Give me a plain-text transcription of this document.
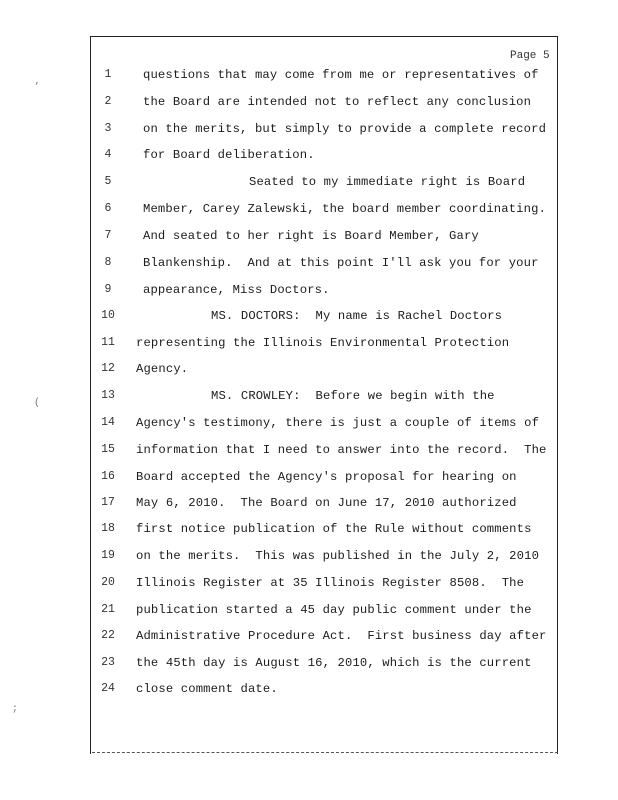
‚
(
;
Page 5
1	questions that may come from me or representatives of
2	the Board are intended not to reflect any conclusion
3	on the merits, but simply to provide a complete record
4	for Board deliberation.
5	Seated to my immediate right is Board
6	Member, Carey Zalewski, the board member coordinating.
7	And seated to her right is Board Member, Gary
8	Blankenship.  And at this point I'll ask you for your
9	appearance, Miss Doctors.
10	MS. DOCTORS:  My name is Rachel Doctors
11	representing the Illinois Environmental Protection
12	Agency.
13	MS. CROWLEY:  Before we begin with the
14	Agency's testimony, there is just a couple of items of
15	information that I need to answer into the record.  The
16	Board accepted the Agency's proposal for hearing on
17	May 6, 2010.  The Board on June 17, 2010 authorized
18	first notice publication of the Rule without comments
19	on the merits.  This was published in the July 2, 2010
20	Illinois Register at 35 Illinois Register 8508.  The
21	publication started a 45 day public comment under the
22	Administrative Procedure Act.  First business day after
23	the 45th day is August 16, 2010, which is the current
24	close comment date.
